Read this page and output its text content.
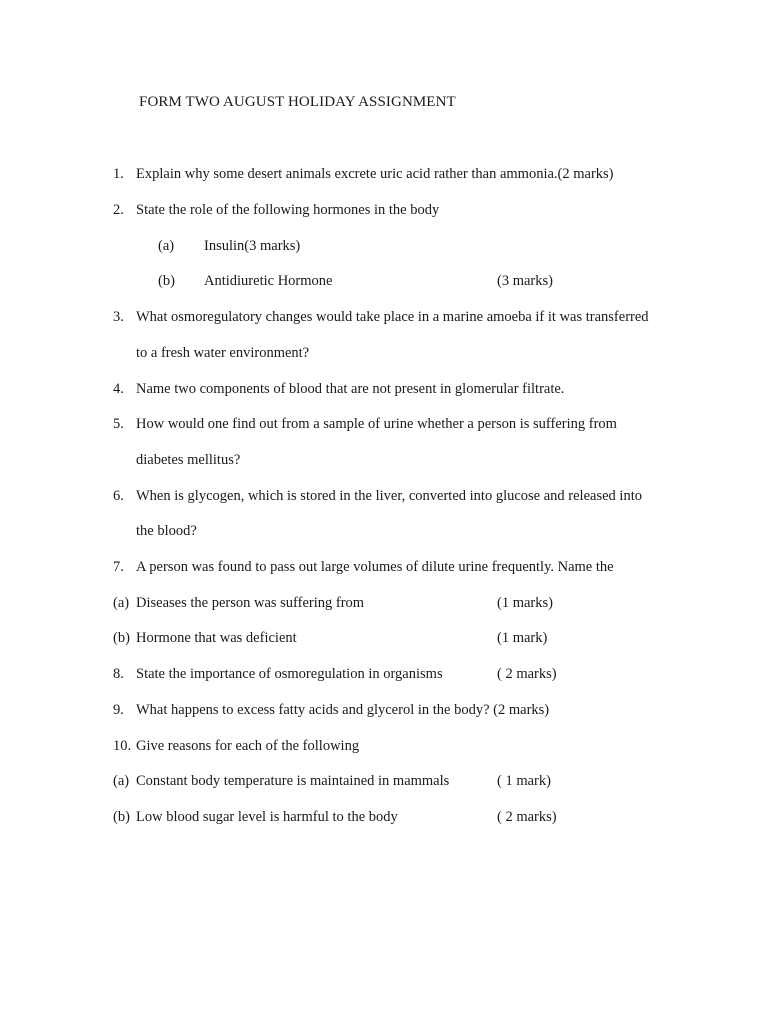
FORM TWO AUGUST HOLIDAY ASSIGNMENT
1. Explain why some desert animals excrete uric acid rather than ammonia.(2 marks)
2. State the role of the following hormones in the body
(a) Insulin(3 marks)
(b) Antidiuretic Hormone	(3 marks)
3. What osmoregulatory changes would take place in a marine amoeba if it was transferred
to a fresh water environment?
4. Name two components of blood that are not present in glomerular filtrate.
5. How would one find out from a sample of urine whether a person is suffering from
diabetes mellitus?
6. When is glycogen, which is stored in the liver, converted into glucose and released into
the blood?
7. A person was found to pass out large volumes of dilute urine frequently. Name the
(a) Diseases the person was suffering from	(1 marks)
(b) Hormone that was deficient	(1 mark)
8. State the importance of osmoregulation in organisms	( 2 marks)
9. What happens to excess fatty acids and glycerol in the body? (2 marks)
10. Give reasons for each of the following
(a) Constant body temperature is maintained in mammals	( 1 mark)
(b) Low blood sugar level is harmful to the body	( 2 marks)
